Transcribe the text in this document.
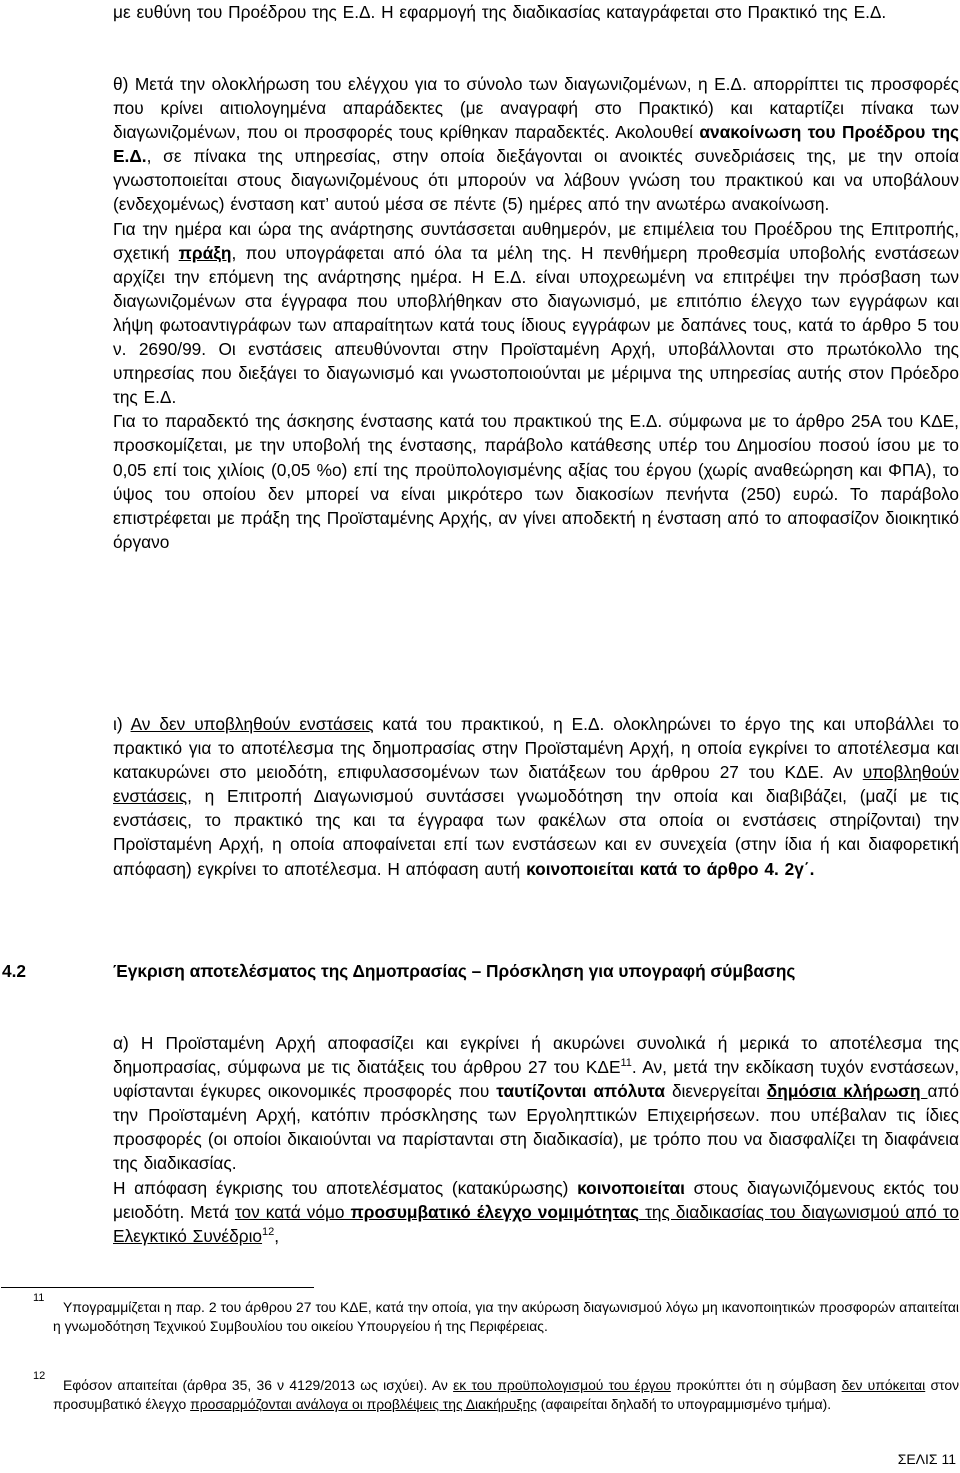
με ευθύνη του Προέδρου της Ε.Δ. Η εφαρμογή της διαδικασίας καταγράφεται στο Πρακτικό της Ε.Δ.

θ) Μετά την ολοκλήρωση του ελέγχου για το σύνολο των διαγωνιζομένων, η Ε.Δ. απορρίπτει τις προσφορές που κρίνει αιτιολογημένα απαράδεκτες (με αναγραφή στο Πρακτικό) και καταρτίζει πίνακα των διαγωνιζομένων, που οι προσφορές τους κρίθηκαν παραδεκτές. Ακολουθεί ανακοίνωση του Προέδρου της Ε.Δ., σε πίνακα της υπηρεσίας, στην οποία διεξάγονται οι ανοικτές συνεδριάσεις της, με την οποία γνωστοποιείται στους διαγωνιζομένους ότι μπορούν να λάβουν γνώση του πρακτικού και να υποβάλουν (ενδεχομένως) ένσταση κατ’ αυτού μέσα σε πέντε (5) ημέρες από την ανωτέρω ανακοίνωση.

Για την ημέρα και ώρα της ανάρτησης συντάσσεται αυθημερόν, με επιμέλεια του Προέδρου της Επιτροπής, σχετική πράξη, που υπογράφεται από όλα τα μέλη της. Η πενθήμερη προθεσμία υποβολής ενστάσεων αρχίζει την επόμενη της ανάρτησης ημέρα. Η Ε.Δ. είναι υποχρεωμένη να επιτρέψει την πρόσβαση των διαγωνιζομένων στα έγγραφα που υποβλήθηκαν στο διαγωνισμό, με επιτόπιο έλεγχο των εγγράφων και λήψη φωτοαντιγράφων των απαραίτητων κατά τους ίδιους εγγράφων με δαπάνες τους, κατά το άρθρο 5 του ν. 2690/99. Οι ενστάσεις απευθύνονται στην Προϊσταμένη Αρχή, υποβάλλονται στο πρωτόκολλο της υπηρεσίας που διεξάγει το διαγωνισμό και γνωστοποιούνται με μέριμνα της υπηρεσίας αυτής στον Πρόεδρο της Ε.Δ.

Για το παραδεκτό της άσκησης ένστασης κατά του πρακτικού της Ε.Δ. σύμφωνα με το άρθρο 25Α του ΚΔΕ, προσκομίζεται, με την υποβολή της ένστασης, παράβολο κατάθεσης υπέρ του Δημοσίου ποσού ίσου με το 0,05 επί τοις χιλίοις (0,05 %ο) επί της προϋπολογισμένης αξίας του έργου (χωρίς αναθεώρηση και ΦΠΑ), το ύψος του οποίου δεν μπορεί να είναι μικρότερο των διακοσίων πενήντα (250) ευρώ. Το παράβολο επιστρέφεται με πράξη της Προϊσταμένης Αρχής, αν γίνει αποδεκτή η ένσταση από το αποφασίζον διοικητικό όργανο

ι) Αν δεν υποβληθούν ενστάσεις κατά του πρακτικού, η Ε.Δ. ολοκληρώνει το έργο της και υποβάλλει το πρακτικό για το αποτέλεσμα της δημοπρασίας στην Προϊσταμένη Αρχή, η οποία εγκρίνει το αποτέλεσμα και κατακυρώνει στο μειοδότη, επιφυλασσομένων των διατάξεων του άρθρου 27 του ΚΔΕ. Αν υποβληθούν ενστάσεις, η Επιτροπή Διαγωνισμού συντάσσει γνωμοδότηση την οποία και διαβιβάζει, (μαζί με τις ενστάσεις, το πρακτικό της και τα έγγραφα των φακέλων στα οποία οι ενστάσεις στηρίζονται) την Προϊσταμένη Αρχή, η οποία αποφαίνεται επί των ενστάσεων και εν συνεχεία (στην ίδια ή και διαφορετική απόφαση) εγκρίνει το αποτέλεσμα. Η απόφαση αυτή κοινοποιείται κατά το άρθρο 4. 2γ΄.

4.2	Έγκριση αποτελέσματος της Δημοπρασίας – Πρόσκληση για υπογραφή σύμβασης

α) Η Προϊσταμένη Αρχή αποφασίζει και εγκρίνει ή ακυρώνει συνολικά ή μερικά το αποτέλεσμα της δημοπρασίας, σύμφωνα με τις διατάξεις του άρθρου 27 του ΚΔΕ$^{11}$. Αν, μετά την εκδίκαση τυχόν ενστάσεων, υφίστανται έγκυρες οικονομικές προσφορές που ταυτίζονται απόλυτα διενεργείται δημόσια κλήρωση από την Προϊσταμένη Αρχή, κατόπιν πρόσκλησης των Εργοληπτικών Επιχειρήσεων. που υπέβαλαν τις ίδιες προσφορές (οι οποίοι δικαιούνται να παρίστανται στη διαδικασία), με τρόπο που να διασφαλίζει τη διαφάνεια της διαδικασίας.

Η απόφαση έγκρισης του αποτελέσματος (κατακύρωσης) κοινοποιείται στους διαγωνιζόμενους εκτός του μειοδότη. Μετά τον κατά νόμο προσυμβατικό έλεγχο νομιμότητας της διαδικασίας του διαγωνισμού από το Ελεγκτικό Συνέδριο$^{12}$,

11
Υπογραμμίζεται η παρ. 2 του άρθρου 27 του ΚΔΕ, κατά την οποία, για την ακύρωση διαγωνισμού λόγω μη ικανοποιητικών προσφορών απαιτείται η γνωμοδότηση Τεχνικού Συμβουλίου του οικείου Υπουργείου ή της Περιφέρειας.
12
Εφόσον απαιτείται (άρθρα 35, 36 ν 4129/2013 ως ισχύει). Αν εκ του προϋπολογισμού του έργου προκύπτει ότι η σύμβαση δεν υπόκειται στον προσυμβατικό έλεγχο προσαρμόζονται ανάλογα οι προβλέψεις της Διακήρυξης (αφαιρείται δηλαδή το υπογραμμισμένο τμήμα).
ΣΕΛΙΣ 11
